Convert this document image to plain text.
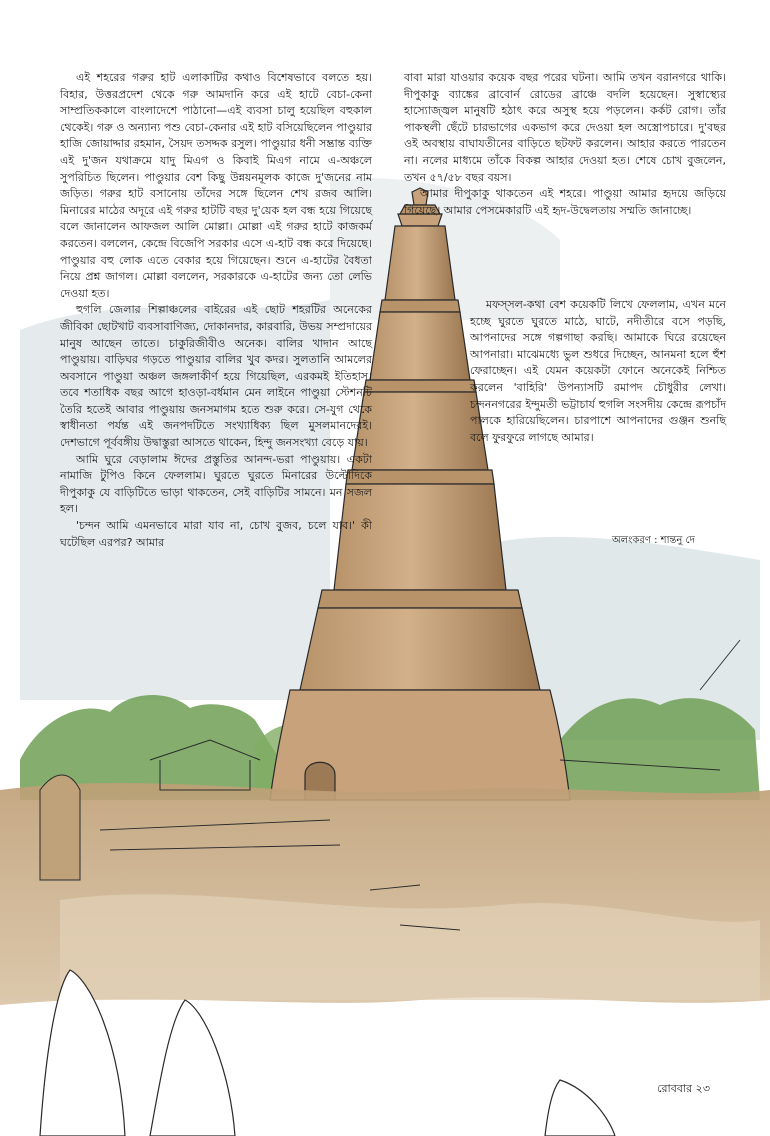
এই শহরের গরুর হাট এলাকাটির কথাও বিশেষভাবে বলতে হয়। বিহার, উত্তরপ্রদেশ থেকে গরু আমদানি করে এই হাটে বেচা-কেনা সাম্প্রতিককালে বাংলাদেশে পাঠানো—এই ব্যবসা চালু হয়েছিল বহুকাল থেকেই। গরু ও অন্যান্য পশু বেচা-কেনার এই হাট বসিয়েছিলেন পাণ্ডুয়ার হাজি জোয়াদ্দার রহমান, সৈয়দ তসদ্দক রসুল। পাণ্ডুয়ার ধনী সম্ভ্রান্ত ব্যক্তি এই দু'জন যথাক্রমে যাদু মিএগ ও কিবাই মিএগ নামে এ-অঞ্চলে সুপরিচিত ছিলেন। পাণ্ডুয়ার বেশ কিছু উন্নয়নমূলক কাজে দু'জনের নাম জড়িত। গরুর হাট বসানোয় তাঁদের সঙ্গে ছিলেন শেখ রজব আলি। মিনারের মাঠের অদূরে এই গরুর হাটটি বছর দু'য়েক হল বন্ধ হয়ে গিয়েছে বলে জানালেন আফজল আলি মোল্লা। মোল্লা এই গরুর হাটে কাজকর্ম করতেন। বললেন, কেন্দ্রে বিজেপি সরকার এসে এ-হাট বন্ধ করে দিয়েছে। পাণ্ডুয়ার বহু লোক এতে বেকার হয়ে গিয়েছেন। শুনে এ-হাটের বৈধতা নিয়ে প্রশ্ন জাগল। মোল্লা বললেন, সরকারকে এ-হাটের জন্য তো লেভি দেওয়া হত।

হুগলি জেলার শিল্পাঞ্চলের বাইরের এই ছোট শহরটির অনেকের জীবিকা ছোটখাট ব্যবসাবাণিজ্য, দোকানদার, কারবারি, উভয় সম্প্রদায়ের মানুষ আছেন তাতে। চাকুরিজীবীও অনেক। বালির খাদান আছে পাণ্ডুয়ায়। বাড়িঘর গড়তে পাণ্ডুয়ার বালির খুব কদর। সুলতানি আমলের অবসানে পাণ্ডুয়া অঞ্চল জঙ্গলাকীর্ণ হয়ে গিয়েছিল, এরকমই ইতিহাস। তবে শতাধিক বছর আগে হাওড়া-বর্ধমান মেন লাইনে পাণ্ডুয়া স্টেশনটি তৈরি হতেই আবার পাণ্ডুয়ায় জনসমাগম হতে শুরু করে। সে-যুগ থেকে স্বাধীনতা পর্যন্ত এই জনপদটিতে সংখ্যাধিক্য ছিল মুসলমানদেরই। দেশভাগে পূর্ববঙ্গীয় উদ্বাস্তুরা আসতে থাকেন, হিন্দু জনসংখ্যা বেড়ে যায়।

আমি ঘুরে বেড়ালাম ঈদের প্রস্তুতির আনন্দ-ভরা পাণ্ডুয়ায়। একটা নামাজি টুপিও কিনে ফেললাম। ঘুরতে ঘুরতে মিনারের উল্টোদিকে দীপুকাকু যে বাড়িটিতে ভাড়া থাকতেন, সেই বাড়িটির সামনে। মন সজল হল।

'চন্দন আমি এমনভাবে মারা যাব না, চোখ বুজব, চলে যাব।' কী ঘটেছিল এরপর? আমার

বাবা মারা যাওয়ার কয়েক বছর পরের ঘটনা। আমি তখন বরানগরে থাকি। দীপুকাকু ব্যাঙ্কের ব্রাবোর্ন রোডের ব্রাঞ্চে বদলি হয়েছেন। সুস্বাস্থ্যের হাস্যোজ্জ্বল মানুষটি হঠাৎ করে অসুস্থ হয়ে পড়লেন। কর্কট রোগ। তাঁর পাকস্থলী ছেঁটে চারভাগের একভাগ করে দেওয়া হল অস্ত্রোপচারে। দু'বছর ওই অবস্থায় বাঘাযতীনের বাড়িতে ছটফট করলেন। আহার করতে পারতেন না। নলের মাধ্যমে তাঁকে বিকল্প আহার দেওয়া হত। শেষে চোখ বুজলেন, তখন ৫৭/৫৮ বছর বয়স।

আমার দীপুকাকু থাকতেন এই শহরে। পাণ্ডুয়া আমার হৃদয়ে জড়িয়ে গিয়েছে। আমার পেসমেকারটি এই হৃদ-উদ্বেলতায় সম্মতি জানাচ্ছে।

মফস্সল-কথা বেশ কয়েকটি লিখে ফেললাম, এখন মনে হচ্ছে ঘুরতে ঘুরতে মাঠে, ঘাটে, নদীতীরে বসে পড়ছি, আপনাদের সঙ্গে গল্পগাছা করছি। আমাকে ঘিরে রয়েছেন আপনারা। মাঝেমধ্যে ভুল শুধরে দিচ্ছেন, আনমনা হলে হুঁশ ফেরাচ্ছেন। এই যেমন কয়েকটা ফোনে অনেকেই নিশ্চিত করলেন 'বাহিরি' উপন্যাসটি রমাপদ চৌধুরীর লেখা। চন্দননগরের ইন্দুমতী ভট্টাচার্য হুগলি সংসদীয় কেন্দ্রে রূপচাঁদ পালকে হারিয়েছিলেন। চারপাশে আপনাদের গুঞ্জন শুনছি বলে ফুরফুরে লাগছে আমার।

অলংকরণ : শান্তনু দে
রোববার ২৩
